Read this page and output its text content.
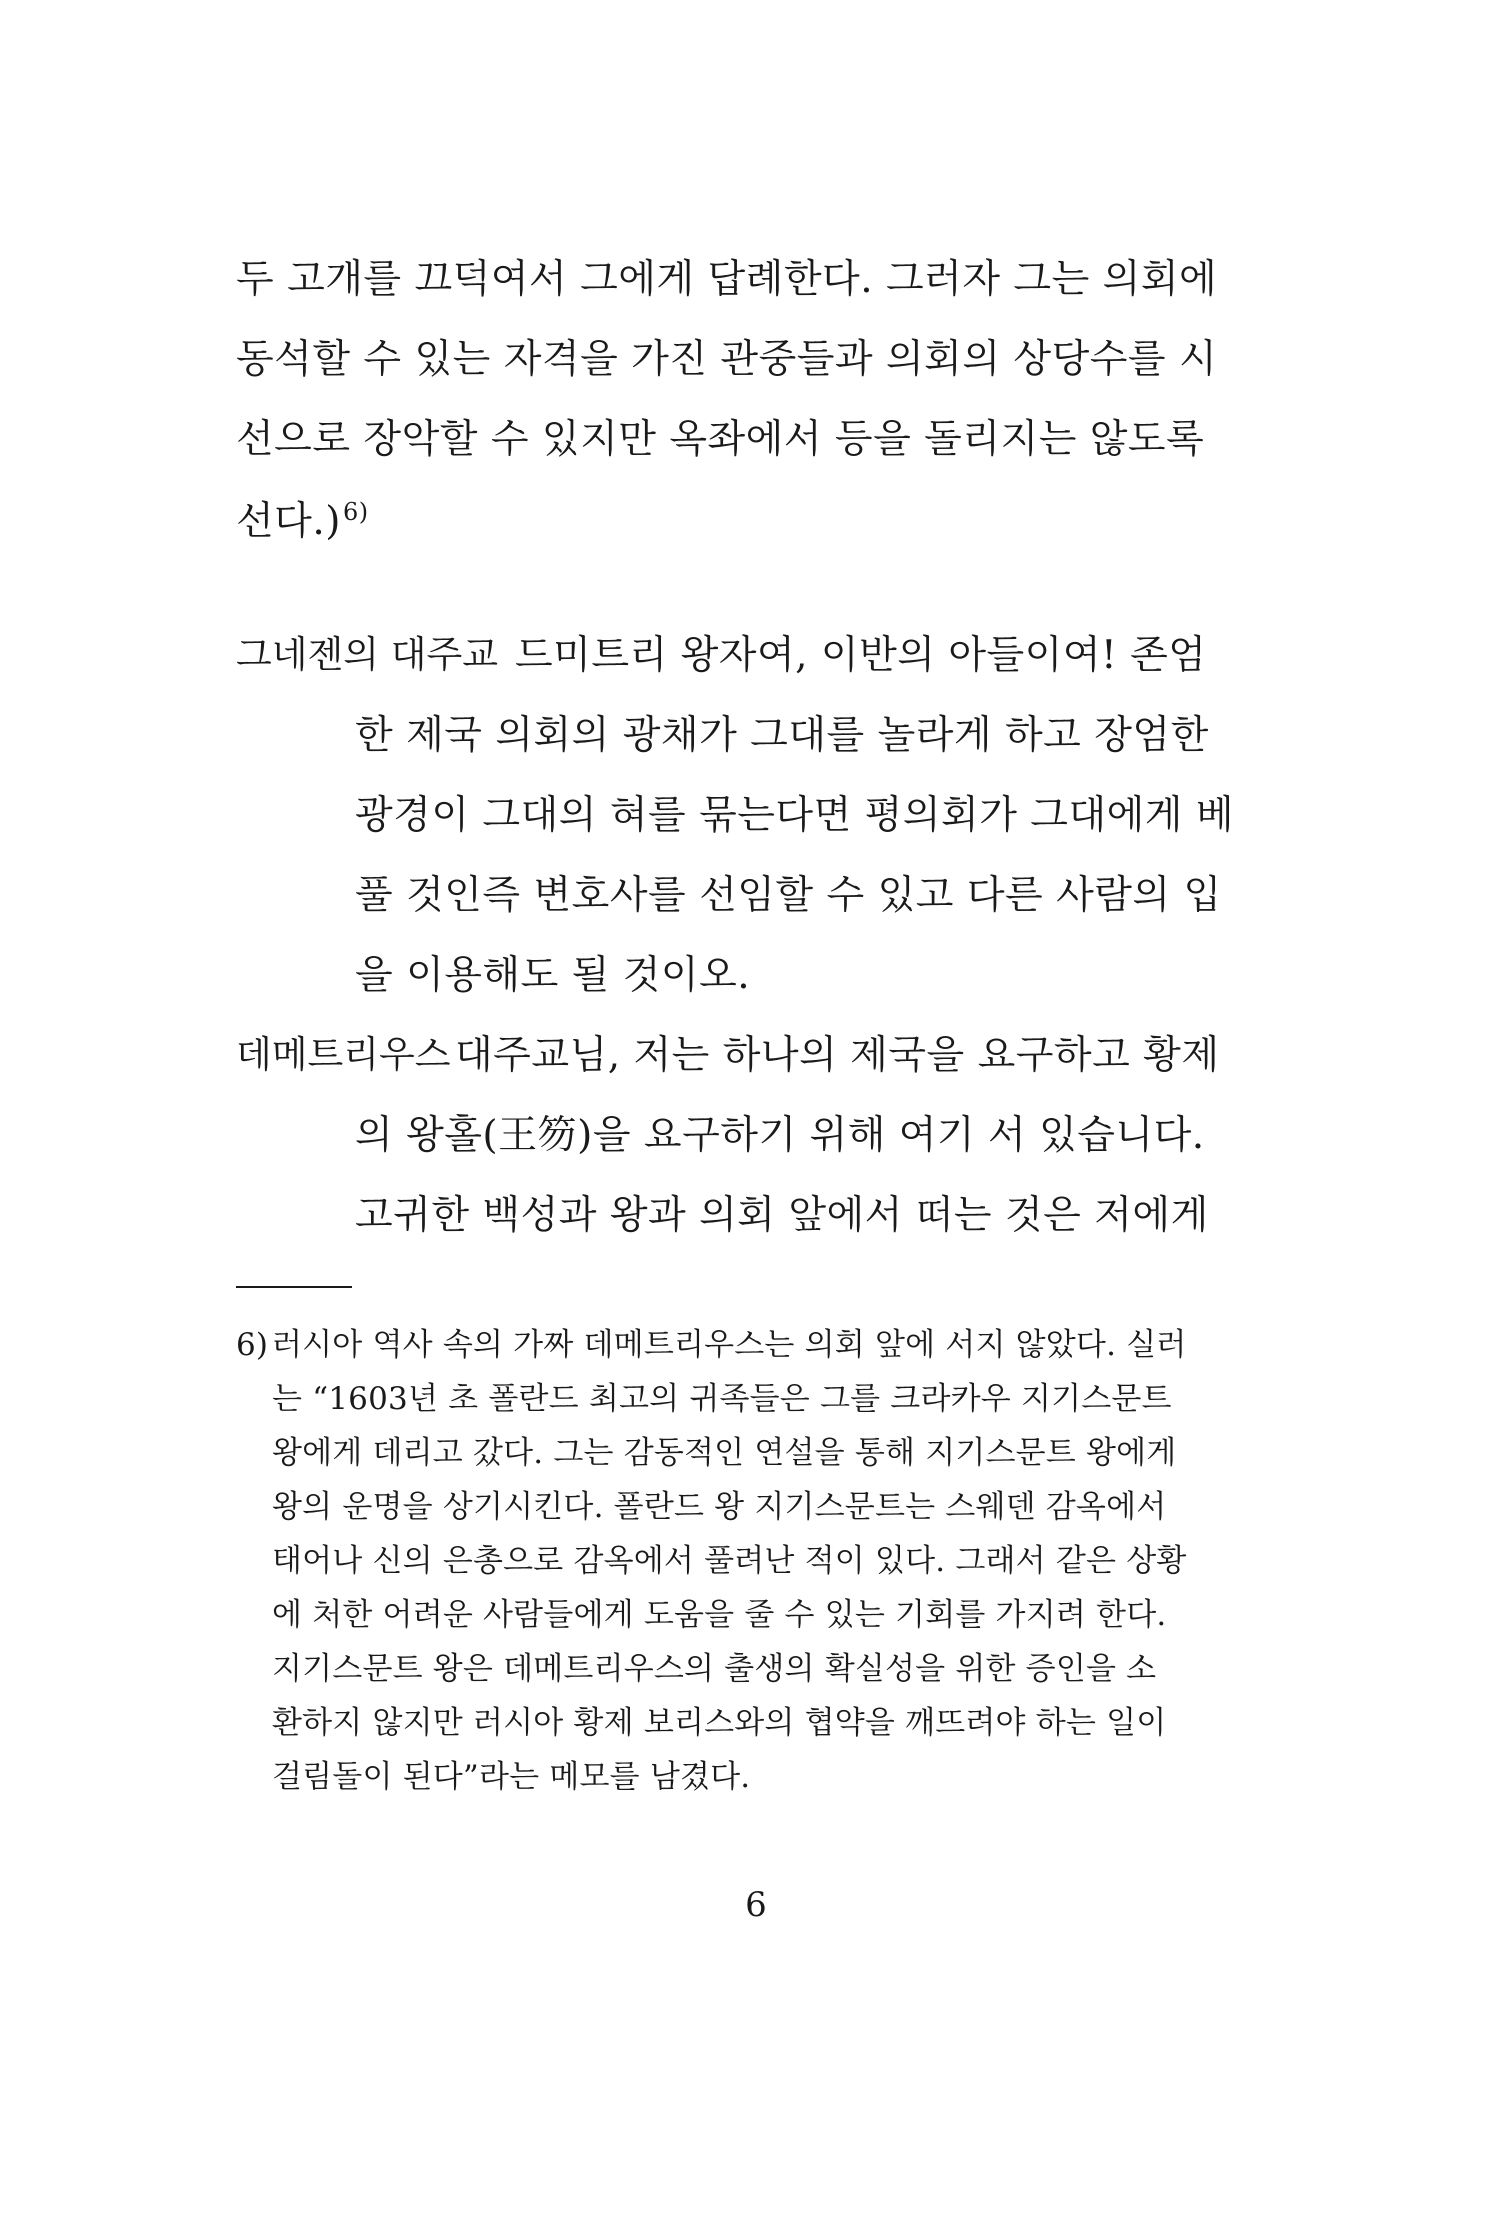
두 고개를 끄덕여서 그에게 답례한다. 그러자 그는 의회에
동석할 수 있는 자격을 가진 관중들과 의회의 상당수를 시
선으로 장악할 수 있지만 옥좌에서 등을 돌리지는 않도록
선다.)$^{6)}$
그네젠의 대주교 드미트리 왕자여, 이반의 아들이여! 존엄
한 제국 의회의 광채가 그대를 놀라게 하고 장엄한
광경이 그대의 혀를 묶는다면 평의회가 그대에게 베
풀 것인즉 변호사를 선임할 수 있고 다른 사람의 입
을 이용해도 될 것이오.
데메트리우스 대주교님, 저는 하나의 제국을 요구하고 황제
의 왕홀(王笏)을 요구하기 위해 여기 서 있습니다.
고귀한 백성과 왕과 의회 앞에서 떠는 것은 저에게
6) 러시아 역사 속의 가짜 데메트리우스는 의회 앞에 서지 않았다. 실러
는 “1603년 초 폴란드 최고의 귀족들은 그를 크라카우 지기스문트
왕에게 데리고 갔다. 그는 감동적인 연설을 통해 지기스문트 왕에게
왕의 운명을 상기시킨다. 폴란드 왕 지기스문트는 스웨덴 감옥에서
태어나 신의 은총으로 감옥에서 풀려난 적이 있다. 그래서 같은 상황
에 처한 어려운 사람들에게 도움을 줄 수 있는 기회를 가지려 한다.
지기스문트 왕은 데메트리우스의 출생의 확실성을 위한 증인을 소
환하지 않지만 러시아 황제 보리스와의 협약을 깨뜨려야 하는 일이
걸림돌이 된다”라는 메모를 남겼다.
6
